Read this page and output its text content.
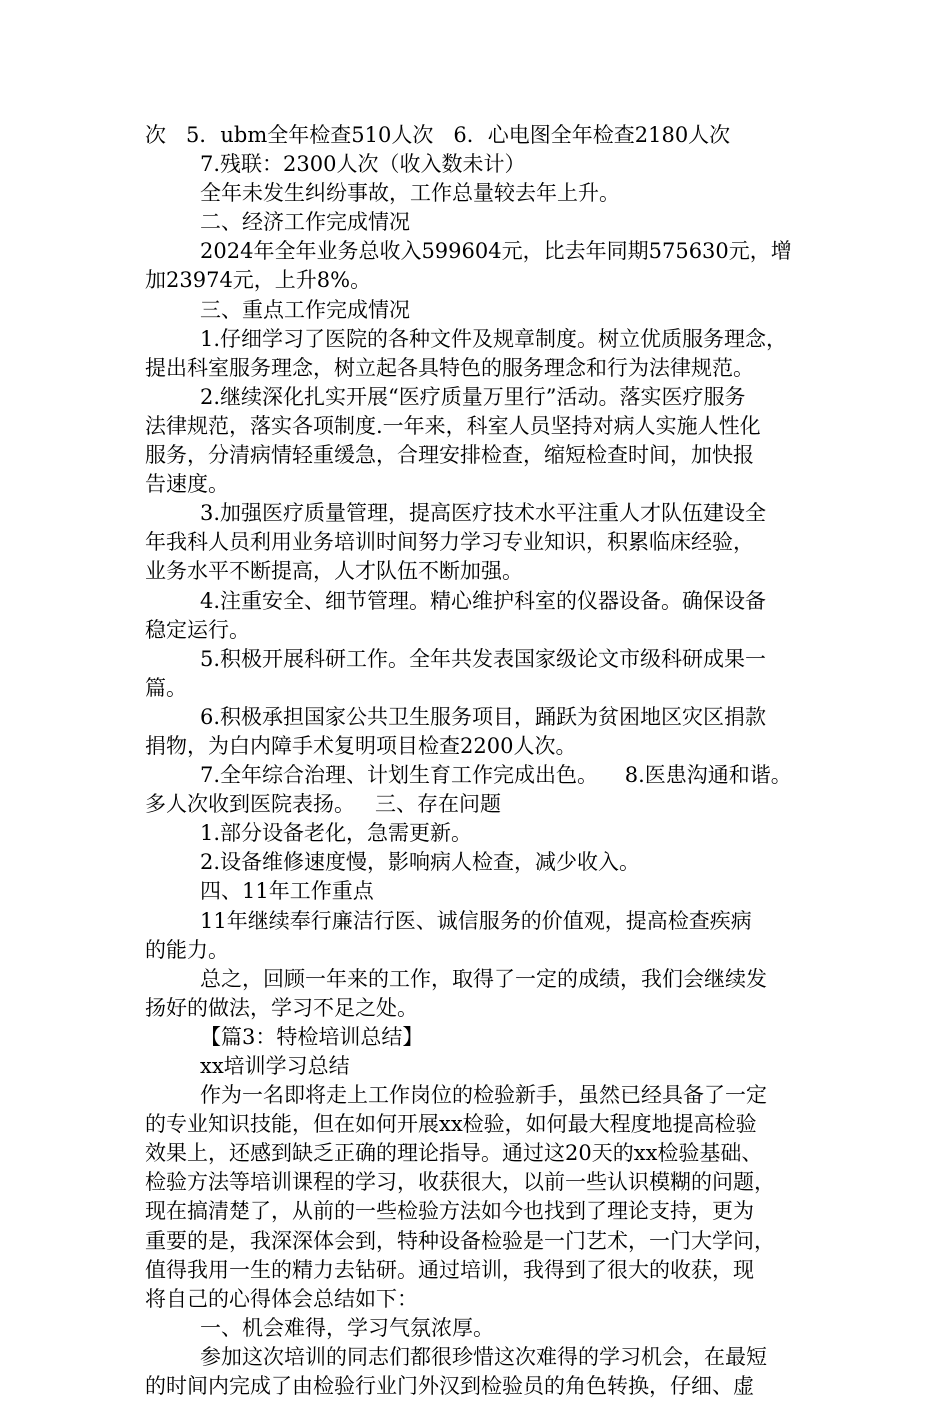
次   5．ubm全年检查510人次   6．心电图全年检查2180人次
7.残联：2300人次（收入数未计）
全年未发生纠纷事故，工作总量较去年上升。
二、经济工作完成情况
2024年全年业务总收入599604元，比去年同期575630元，增
加23974元，上升8%。
三、重点工作完成情况
1.仔细学习了医院的各种文件及规章制度。树立优质服务理念，
提出科室服务理念，树立起各具特色的服务理念和行为法律规范。
2.继续深化扎实开展“医疗质量万里行”活动。落实医疗服务
法律规范，落实各项制度.一年来，科室人员坚持对病人实施人性化
服务，分清病情轻重缓急，合理安排检查，缩短检查时间，加快报
告速度。
3.加强医疗质量管理，提高医疗技术水平注重人才队伍建设全
年我科人员利用业务培训时间努力学习专业知识，积累临床经验，
业务水平不断提高，人才队伍不断加强。
4.注重安全、细节管理。精心维护科室的仪器设备。确保设备
稳定运行。
5.积极开展科研工作。全年共发表国家级论文市级科研成果一
篇。
6.积极承担国家公共卫生服务项目，踊跃为贫困地区灾区捐款
捐物，为白内障手术复明项目检查2200人次。
7.全年综合治理、计划生育工作完成出色。    8.医患沟通和谐。
多人次收到医院表扬。   三、存在问题
1.部分设备老化，急需更新。
2.设备维修速度慢，影响病人检查，减少收入。
四、11年工作重点
11年继续奉行廉洁行医、诚信服务的价值观，提高检查疾病
的能力。
总之，回顾一年来的工作，取得了一定的成绩，我们会继续发
扬好的做法，学习不足之处。
【篇3：特检培训总结】
xx培训学习总结
作为一名即将走上工作岗位的检验新手，虽然已经具备了一定
的专业知识技能，但在如何开展xx检验，如何最大程度地提高检验
效果上，还感到缺乏正确的理论指导。通过这20天的xx检验基础、
检验方法等培训课程的学习，收获很大，以前一些认识模糊的问题，
现在搞清楚了，从前的一些检验方法如今也找到了理论支持，更为
重要的是，我深深体会到，特种设备检验是一门艺术，一门大学问，
值得我用一生的精力去钻研。通过培训，我得到了很大的收获，现
将自己的心得体会总结如下：
一、机会难得，学习气氛浓厚。
参加这次培训的同志们都很珍惜这次难得的学习机会，在最短
的时间内完成了由检验行业门外汉到检验员的角色转换，仔细、虚
